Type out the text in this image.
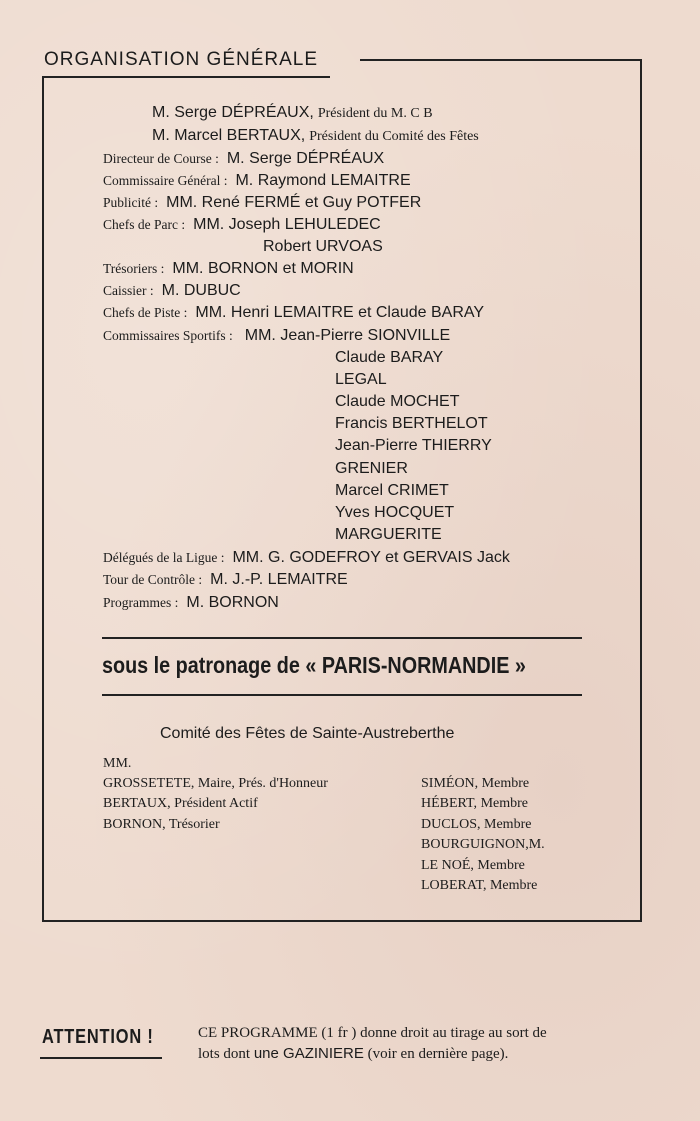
ORGANISATION GÉNÉRALE
M. Serge DÉPRÉAUX, Président du M. C B
M. Marcel BERTAUX, Président du Comité des Fêtes
Directeur de Course : M. Serge DÉPRÉAUX
Commissaire Général : M. Raymond LEMAITRE
Publicité : MM. René FERMÉ et Guy POTFER
Chefs de Parc : MM. Joseph LEHULEDEC
Robert URVOAS
Trésoriers : MM. BORNON et MORIN
Caissier : M. DUBUC
Chefs de Piste : MM. Henri LEMAITRE et Claude BARAY
Commissaires Sportifs : MM. Jean-Pierre SIONVILLE
Claude BARAY
LEGAL
Claude MOCHET
Francis BERTHELOT
Jean-Pierre THIERRY
GRENIER
Marcel CRIMET
Yves HOCQUET
MARGUERITE
Délégués de la Ligue : MM. G. GODEFROY et GERVAIS Jack
Tour de Contrôle : M. J.-P. LEMAITRE
Programmes : M. BORNON
sous le patronage de « PARIS-NORMANDIE »
Comité des Fêtes de Sainte-Austreberthe
MM.
GROSSETETE, Maire, Prés. d'Honneur
BERTAUX, Président Actif
BORNON, Trésorier
SIMÉON, Membre
HÉBERT, Membre
DUCLOS, Membre
BOURGUIGNON,M.
LE NOÉ, Membre
LOBERAT, Membre
ATTENTION !	CE PROGRAMME (1 fr ) donne droit au tirage au sort de
lots dont une GAZINIERE (voir en dernière page).
